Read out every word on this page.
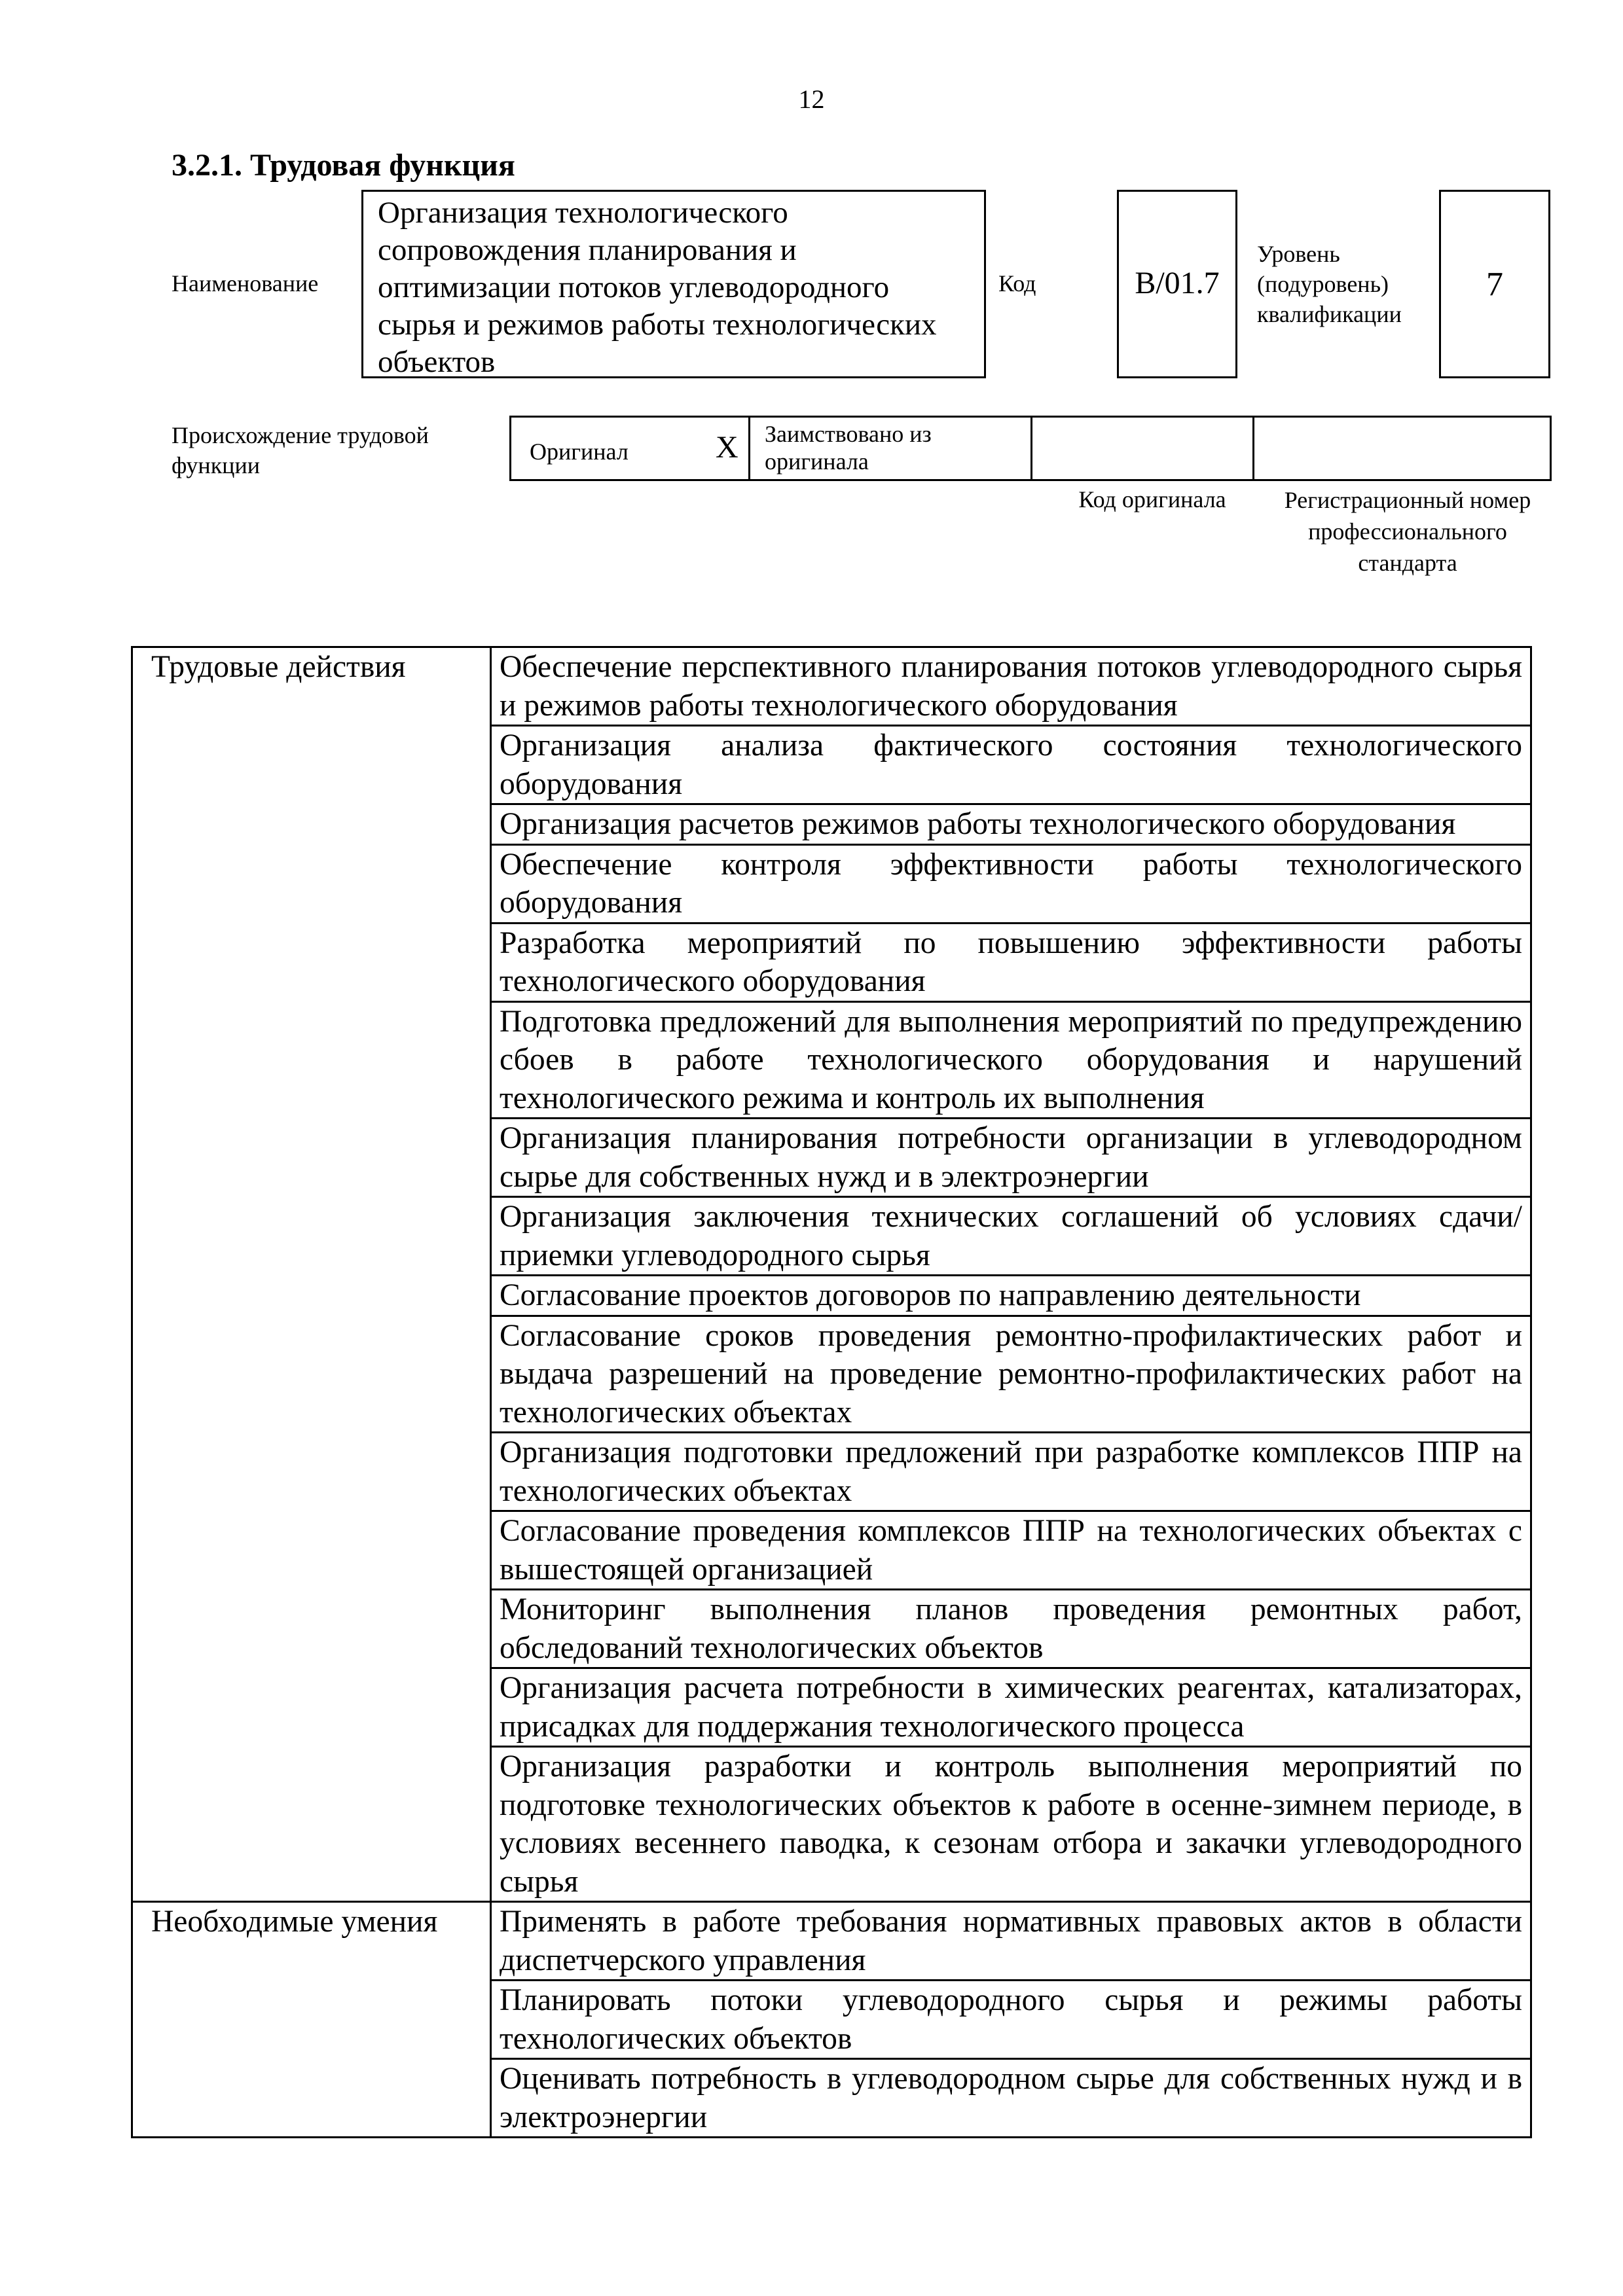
12
3.2.1. Трудовая функция
Наименование
Организация технологического сопровождения планирования и оптимизации потоков углеводородного сырья и режимов работы технологических объектов
Код	B/01.7
Уровень (подуровень) квалификации
7
Происхождение трудовой функции
Оригинал	X	Заимствовано из оригинала

Код оригинала	Регистрационный номер профессионального стандарта
Трудовые действия	Обеспечение перспективного планирования потоков углеводородного сырья и режимов работы технологического оборудования
	Организация анализа фактического состояния технологического оборудования
	Организация расчетов режимов работы технологического оборудования
	Обеспечение контроля эффективности работы технологического оборудования
	Разработка мероприятий по повышению эффективности работы технологического оборудования
	Подготовка предложений для выполнения мероприятий по предупреждению сбоев в работе технологического оборудования и нарушений технологического режима и контроль их выполнения
	Организация планирования потребности организации в углеводородном сырье для собственных нужд и в электроэнергии
	Организация заключения технических соглашений об условиях сдачи/приемки углеводородного сырья
	Согласование проектов договоров по направлению деятельности
	Согласование сроков проведения ремонтно-профилактических работ и выдача разрешений на проведение ремонтно-профилактических работ на технологических объектах
	Организация подготовки предложений при разработке комплексов ППР на технологических объектах
	Согласование проведения комплексов ППР на технологических объектах с вышестоящей организацией
	Мониторинг выполнения планов проведения ремонтных работ, обследований технологических объектов
	Организация расчета потребности в химических реагентах, катализаторах, присадках для поддержания технологического процесса
	Организация разработки и контроль выполнения мероприятий по подготовке технологических объектов к работе в осенне-зимнем периоде, в условиях весеннего паводка, к сезонам отбора и закачки углеводородного сырья
Необходимые умения	Применять в работе требования нормативных правовых актов в области диспетчерского управления
	Планировать потоки углеводородного сырья и режимы работы технологических объектов
	Оценивать потребность в углеводородном сырье для собственных нужд и в электроэнергии
